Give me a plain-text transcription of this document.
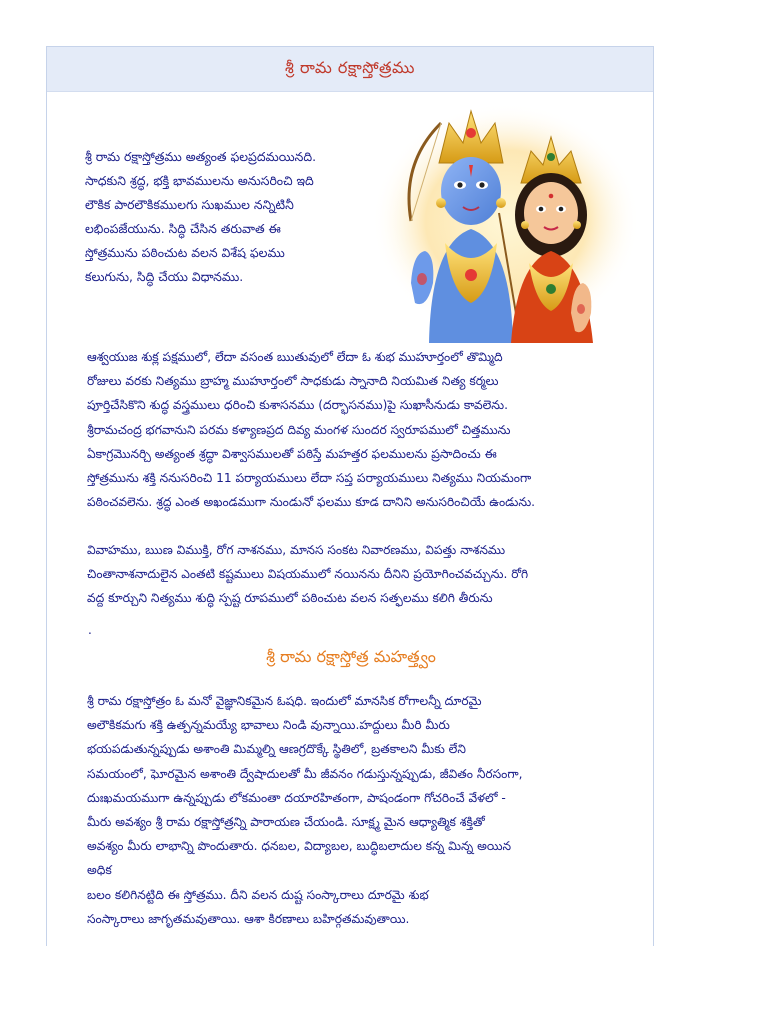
శ్రీ రామ రక్షాస్తోత్రము
శ్రీ రామ రక్షాస్తోత్రము అత్యంత ఫలప్రదమయినది.
సాధకుని శ్రద్ధ, భక్తి భావములను అనుసరించి ఇది
లౌకిక పారలౌకికములగు సుఖముల నన్నిటినీ
లభింపజేయును. సిద్ధి చేసిన తరువాత ఈ
స్తోత్రమును పఠించుట వలన విశేష ఫలము
కలుగును, సిద్ధి చేయు విధానము.
ఆశ్వయుజ శుక్ల పక్షములో, లేదా వసంత ఋతువులో లేదా ఓ శుభ ముహూర్తంలో తొమ్మిది
రోజులు వరకు నిత్యము బ్రాహ్మ ముహూర్తంలో సాధకుడు స్నానాది నియమిత నిత్య కర్మలు
పూర్తిచేసికొని శుద్ధ వస్త్రములు ధరించి కుశాసనము (దర్భాసనము)పై సుఖాసీనుడు కావలెను.
శ్రీరామచంద్ర భగవానుని పరమ కళ్యాణప్రద దివ్య మంగళ సుందర స్వరూపములో చిత్తమును
ఏకాగ్రమొనర్చి అత్యంత శ్రద్ధా విశ్వాసములతో పఠిస్తే మహత్తర ఫలములను ప్రసాదించు ఈ
స్తోత్రమును శక్తి ననుసరించి 11 పర్యాయములు లేదా సప్త పర్యాయములు నిత్యము నియమంగా
పఠించవలెను. శ్రద్ధ ఎంత అఖండముగా నుండునో ఫలము కూడ దానిని అనుసరించియే ఉండును.
వివాహము, ఋణ విముక్తి, రోగ నాశనము, మానస సంకట నివారణము, విపత్తు నాశనము
చింతానాశనాదులైన ఎంతటి కష్టములు విషయములో నయినను దీనిని ప్రయోగించవచ్చును. రోగి
వద్ద కూర్చుని నిత్యము శుద్ధి స్పష్ట రూపములో పఠించుట వలన సత్ఫలము కలిగి తీరును
.
శ్రీ రామ రక్షాస్తోత్ర మహత్త్వం
శ్రీ రామ రక్షాస్తోత్రం ఓ మనో వైజ్ఞానికమైన ఓషధి. ఇందులో మానసిక రోగాలన్నీ దూరమై
అలౌకికమగు శక్తి ఉత్పన్నమయ్యే భావాలు నిండి వున్నాయి.హద్దులు మీరి మీరు
భయపడుతున్నప్పుడు అశాంతి మిమ్మల్ని ఆణగ్రదొక్కే స్థితిలో, బ్రతకాలని మీకు లేని
సమయంలో, ఘోరమైన అశాంతి ద్వేషాదులతో మీ జీవనం గడుస్తున్నప్పుడు, జీవితం నీరసంగా,
దుఃఖమయముగా ఉన్నప్పుడు లోకమంతా దయారహితంగా, పాషండంగా గోచరించే వేళలో -
మీరు అవశ్యం శ్రీ రామ రక్షాస్తోత్రన్ని పారాయణ చేయండి. సూక్ష్మ మైన ఆధ్యాత్మిక శక్తితో
అవశ్యం మీరు లాభాన్ని పొందుతారు. ధనబల, విద్యాబల, బుద్ధిబలాదుల కన్న మిన్న అయిన
అధిక
బలం కలిగినట్టిది ఈ స్తోత్రము. దీని వలన దుష్ట సంస్కారాలు దూరమై శుభ
సంస్కారాలు జాగృతమవుతాయి. ఆశా కిరణాలు బహిర్గతమవుతాయి.
